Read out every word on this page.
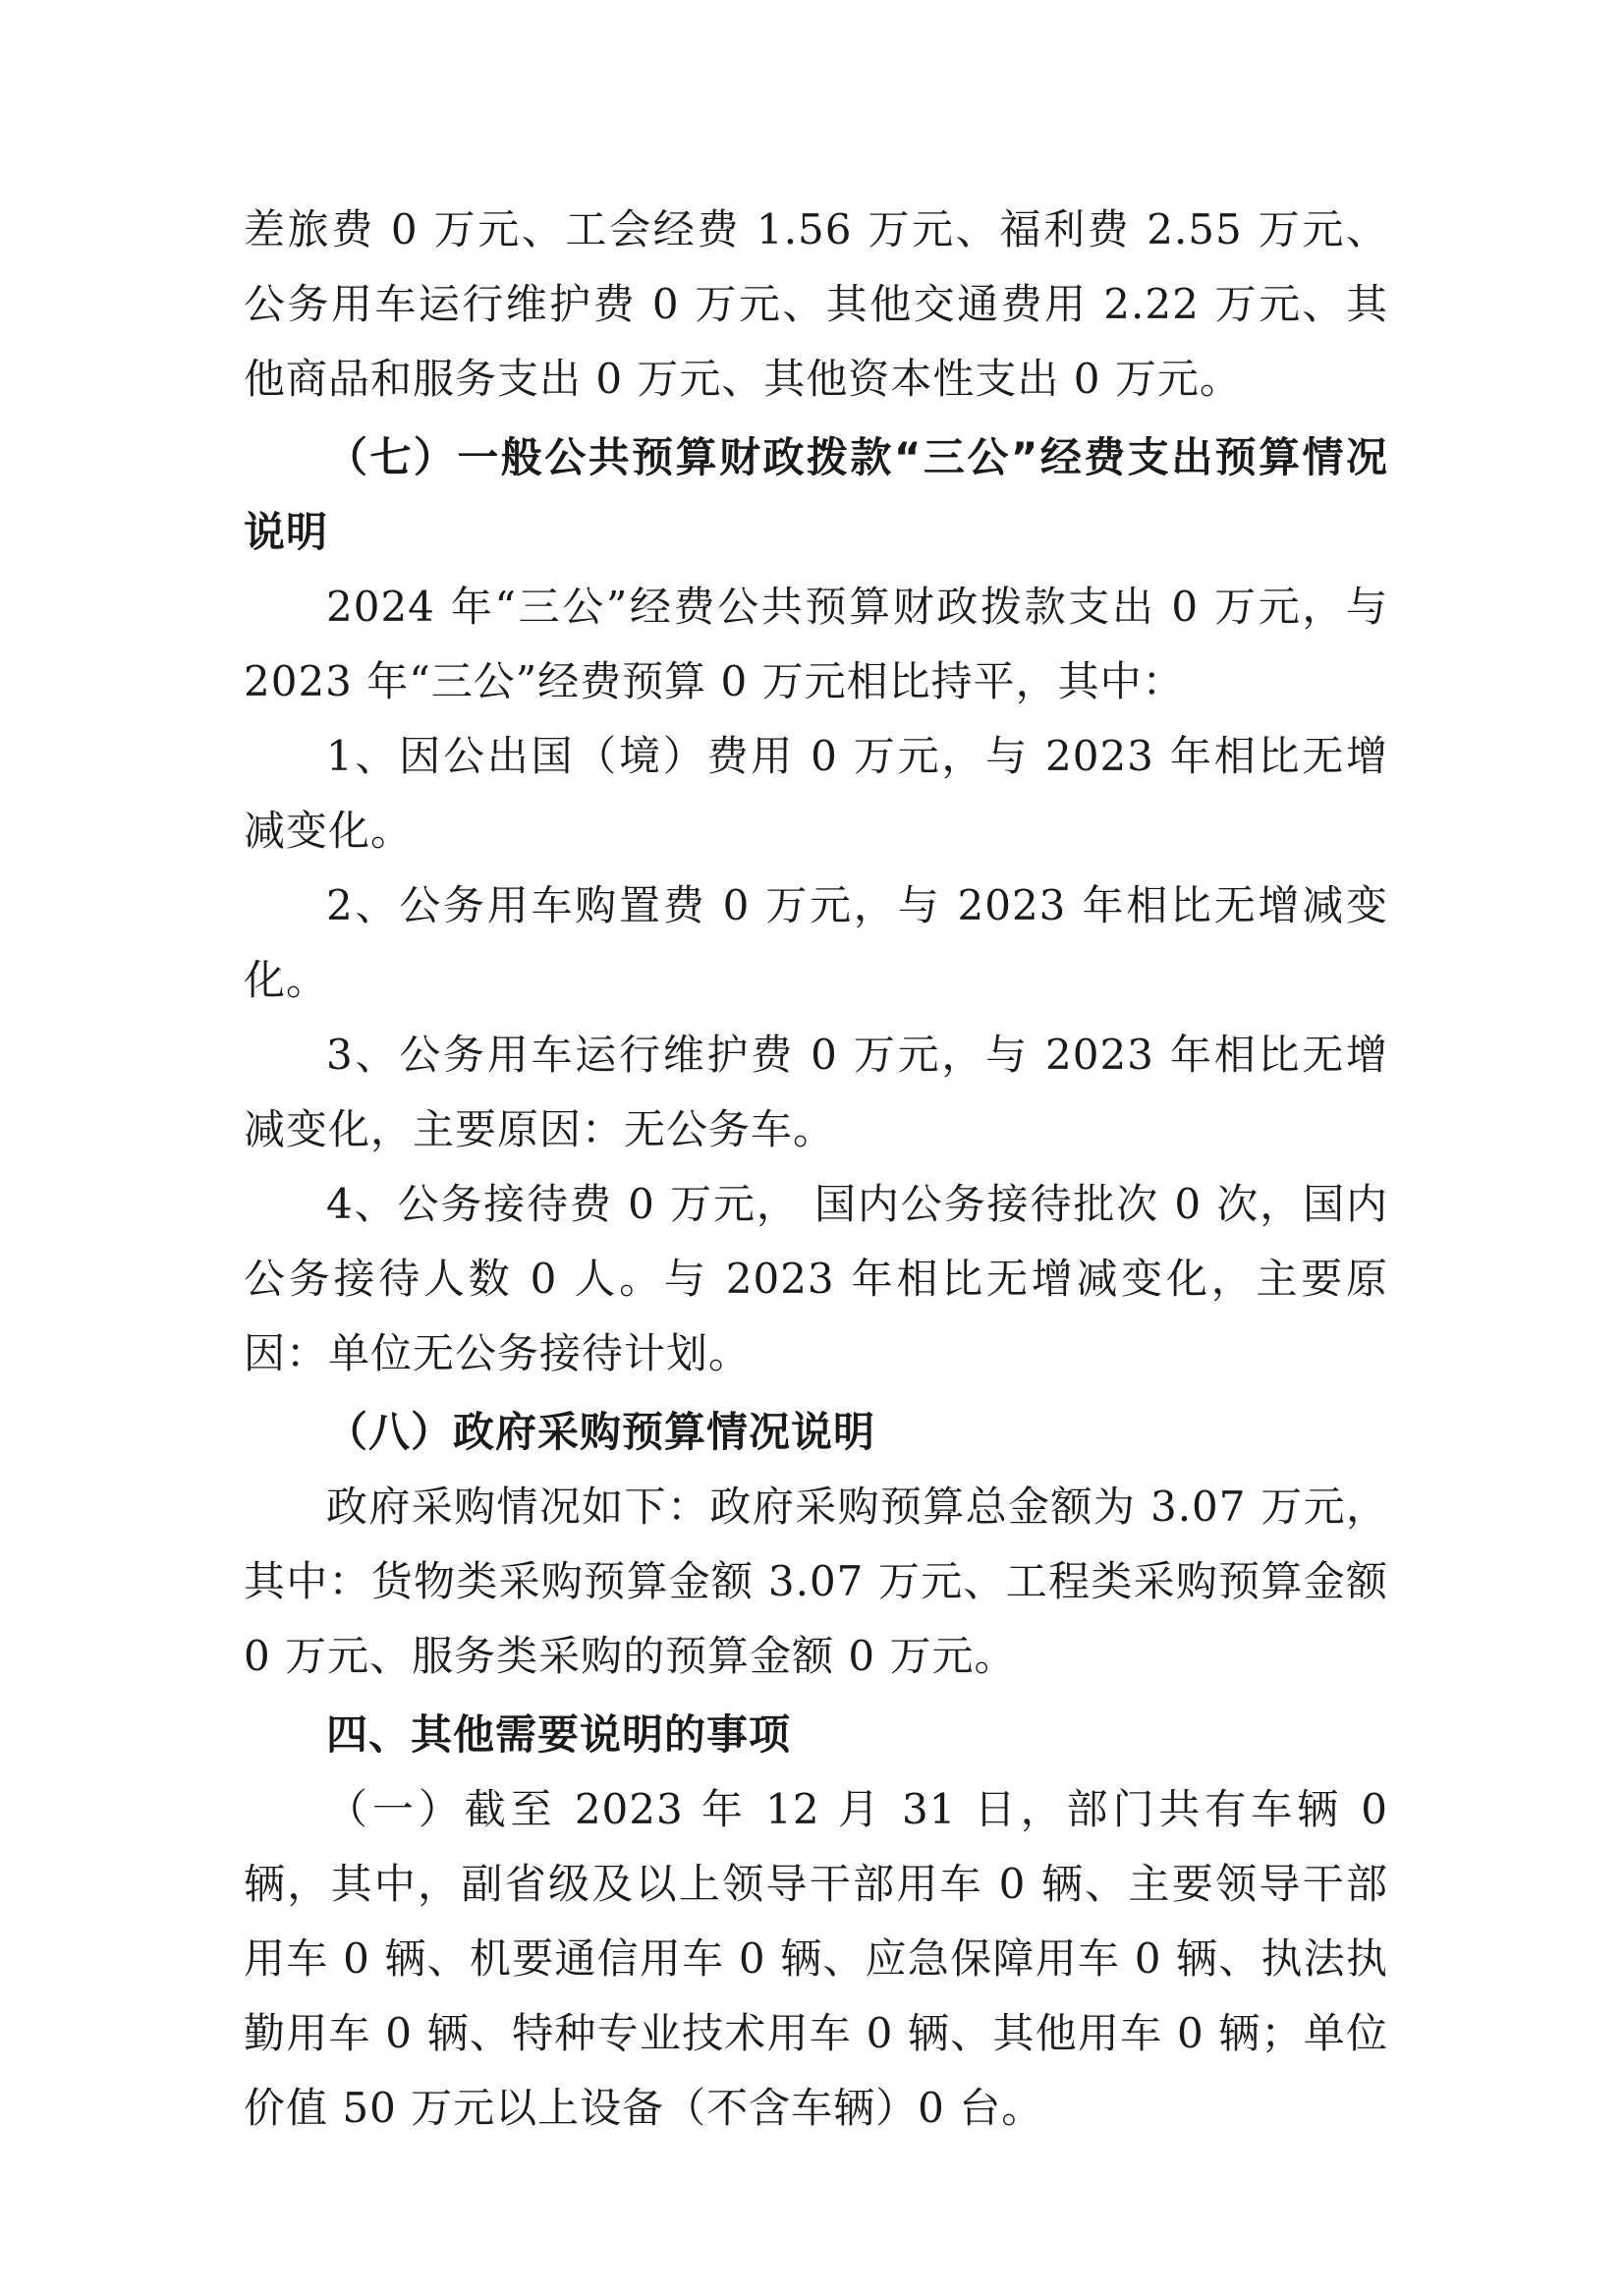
差旅费 0 万元、工会经费 1.56 万元、福利费 2.55 万元、公务用车运行维护费 0 万元、其他交通费用 2.22 万元、其他商品和服务支出 0 万元、其他资本性支出 0 万元。

（七）一般公共预算财政拨款“三公”经费支出预算情况说明

2024 年“三公”经费公共预算财政拨款支出 0 万元，与 2023 年“三公”经费预算 0 万元相比持平，其中：

1、因公出国（境）费用 0 万元，与 2023 年相比无增减变化。

2、公务用车购置费 0 万元，与 2023 年相比无增减变化。

3、公务用车运行维护费 0 万元，与 2023 年相比无增减变化，主要原因：无公务车。

4、公务接待费 0 万元， 国内公务接待批次 0 次，国内公务接待人数 0 人。与 2023 年相比无增减变化，主要原因：单位无公务接待计划。

（八）政府采购预算情况说明

政府采购情况如下：政府采购预算总金额为 3.07 万元，其中：货物类采购预算金额 3.07 万元、工程类采购预算金额 0 万元、服务类采购的预算金额 0 万元。

四、其他需要说明的事项

（一）截至 2023 年 12 月 31 日，部门共有车辆 0 辆，其中，副省级及以上领导干部用车 0 辆、主要领导干部用车 0 辆、机要通信用车 0 辆、应急保障用车 0 辆、执法执勤用车 0 辆、特种专业技术用车 0 辆、其他用车 0 辆；单位价值 50 万元以上设备（不含车辆）0 台。
